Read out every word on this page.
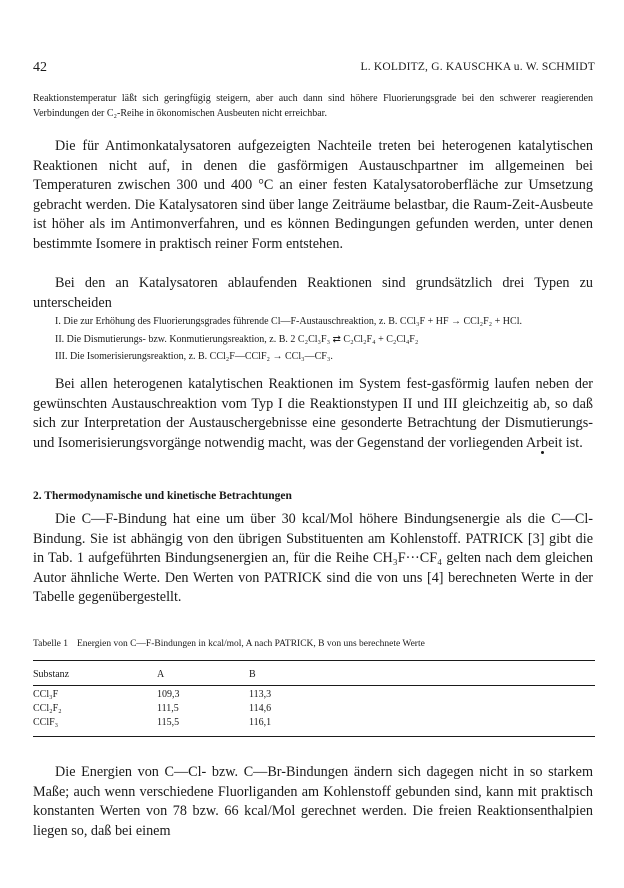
42	L. KOLDITZ, G. KAUSCHKA u. W. SCHMIDT
Reaktionstemperatur läßt sich geringfügig steigern, aber auch dann sind höhere Fluorierungsgrade bei den schwerer reagierenden Verbindungen der C₂-Reihe in ökonomischen Ausbeuten nicht erreichbar.
Die für Antimonkatalysatoren aufgezeigten Nachteile treten bei heterogenen katalytischen Reaktionen nicht auf, in denen die gasförmigen Austauschpartner im allgemeinen bei Temperaturen zwischen 300 und 400 °C an einer festen Katalysatoroberfläche zur Umsetzung gebracht werden. Die Katalysatoren sind über lange Zeiträume belastbar, die Raum-Zeit-Ausbeute ist höher als im Antimonverfahren, und es können Bedingungen gefunden werden, unter denen bestimmte Isomere in praktisch reiner Form entstehen.
Bei den an Katalysatoren ablaufenden Reaktionen sind grundsätzlich drei Typen zu unterscheiden
I. Die zur Erhöhung des Fluorierungsgrades führende Cl—F-Austauschreaktion, z. B. CCl₃F + HF → CCl₂F₂ + HCl.
II. Die Dismutierungs- bzw. Konmutierungsreaktion, z. B. 2 C₂Cl₃F₃ ⇄ C₂Cl₂F₄ + C₂Cl₄F₂
III. Die Isomerisierungsreaktion, z. B. CCl₂F—CClF₂ → CCl₃—CF₃.
Bei allen heterogenen katalytischen Reaktionen im System fest-gasförmig laufen neben der gewünschten Austauschreaktion vom Typ I die Reaktionstypen II und III gleichzeitig ab, so daß sich zur Interpretation der Austauschergebnisse eine gesonderte Betrachtung der Dismutierungs- und Isomerisierungsvorgänge notwendig macht, was der Gegenstand der vorliegenden Arbeit ist.
2. Thermodynamische und kinetische Betrachtungen
Die C—F-Bindung hat eine um über 30 kcal/Mol höhere Bindungsenergie als die C—Cl-Bindung. Sie ist abhängig von den übrigen Substituenten am Kohlenstoff. PATRICK [3] gibt die in Tab. 1 aufgeführten Bindungsenergien an, für die Reihe CH₃F···CF₄ gelten nach dem gleichen Autor ähnliche Werte. Den Werten von PATRICK sind die von uns [4] berechneten Werte in der Tabelle gegenübergestellt.
Tabelle 1 Energien von C—F-Bindungen in kcal/mol, A nach PATRICK, B von uns berechnete Werte
Substanz	A	B
CCl₃F	109,3	113,3
CCl₂F₂	111,5	114,6
CClF₃	115,5	116,1
Die Energien von C—Cl- bzw. C—Br-Bindungen ändern sich dagegen nicht in so starkem Maße; auch wenn verschiedene Fluorliganden am Kohlenstoff gebunden sind, kann mit praktisch konstanten Werten von 78 bzw. 66 kcal/Mol gerechnet werden. Die freien Reaktionsenthalpien liegen so, daß bei einem
